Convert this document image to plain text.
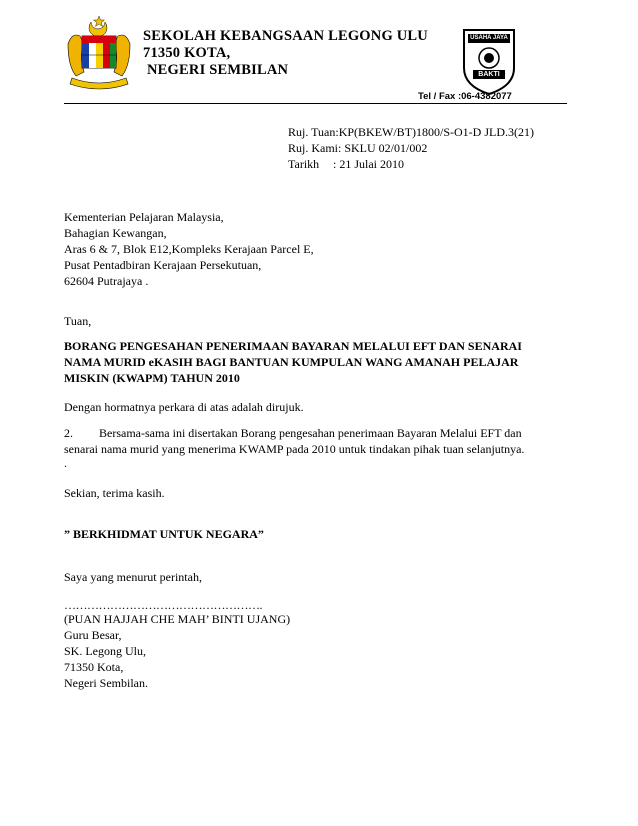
SEKOLAH KEBANGSAAN LEGONG ULU
71350 KOTA,
NEGERI SEMBILAN
USAHA JAYA
BAKTI
Tel / Fax :06-4382077
Ruj. Tuan:KP(BKEW/BT)1800/S-O1-D JLD.3(21)
Ruj. Kami: SKLU 02/01/002
Tarikh : 21 Julai 2010
Kementerian Pelajaran Malaysia,
Bahagian Kewangan,
Aras 6 & 7, Blok E12,Kompleks Kerajaan Parcel E,
Pusat Pentadbiran Kerajaan Persekutuan,
62604 Putrajaya .
Tuan,
BORANG PENGESAHAN PENERIMAAN BAYARAN MELALUI EFT DAN SENARAI
NAMA MURID eKASIH BAGI BANTUAN KUMPULAN WANG AMANAH PELAJAR
MISKIN (KWAPM) TAHUN 2010
Dengan hormatnya perkara di atas adalah dirujuk.
2. Bersama-sama ini disertakan Borang pengesahan penerimaan Bayaran Melalui EFT dan
senarai nama murid yang menerima KWAMP pada 2010 untuk tindakan pihak tuan selanjutnya.
.
Sekian, terima kasih.
” BERKHIDMAT UNTUK NEGARA”
Saya yang menurut perintah,
…………………………………………….
(PUAN HAJJAH CHE MAH’ BINTI UJANG)
Guru Besar,
SK. Legong Ulu,
71350 Kota,
Negeri Sembilan.
